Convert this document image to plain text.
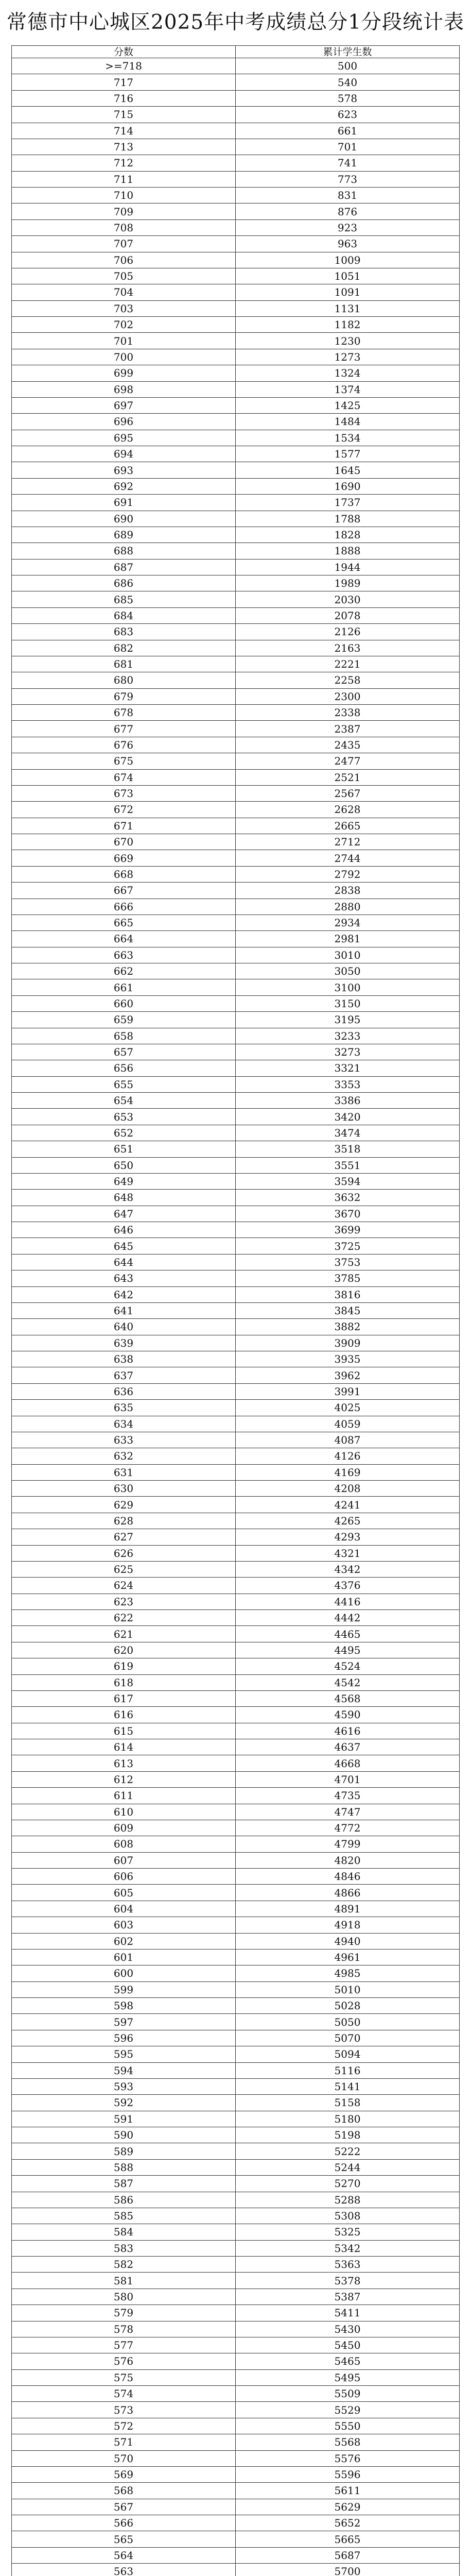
常德市中心城区2025年中考成绩总分1分段统计表
分数	累计学生数
>=718	500
717	540
716	578
715	623
714	661
713	701
712	741
711	773
710	831
709	876
708	923
707	963
706	1009
705	1051
704	1091
703	1131
702	1182
701	1230
700	1273
699	1324
698	1374
697	1425
696	1484
695	1534
694	1577
693	1645
692	1690
691	1737
690	1788
689	1828
688	1888
687	1944
686	1989
685	2030
684	2078
683	2126
682	2163
681	2221
680	2258
679	2300
678	2338
677	2387
676	2435
675	2477
674	2521
673	2567
672	2628
671	2665
670	2712
669	2744
668	2792
667	2838
666	2880
665	2934
664	2981
663	3010
662	3050
661	3100
660	3150
659	3195
658	3233
657	3273
656	3321
655	3353
654	3386
653	3420
652	3474
651	3518
650	3551
649	3594
648	3632
647	3670
646	3699
645	3725
644	3753
643	3785
642	3816
641	3845
640	3882
639	3909
638	3935
637	3962
636	3991
635	4025
634	4059
633	4087
632	4126
631	4169
630	4208
629	4241
628	4265
627	4293
626	4321
625	4342
624	4376
623	4416
622	4442
621	4465
620	4495
619	4524
618	4542
617	4568
616	4590
615	4616
614	4637
613	4668
612	4701
611	4735
610	4747
609	4772
608	4799
607	4820
606	4846
605	4866
604	4891
603	4918
602	4940
601	4961
600	4985
599	5010
598	5028
597	5050
596	5070
595	5094
594	5116
593	5141
592	5158
591	5180
590	5198
589	5222
588	5244
587	5270
586	5288
585	5308
584	5325
583	5342
582	5363
581	5378
580	5387
579	5411
578	5430
577	5450
576	5465
575	5495
574	5509
573	5529
572	5550
571	5568
570	5576
569	5596
568	5611
567	5629
566	5652
565	5665
564	5687
563	5700
